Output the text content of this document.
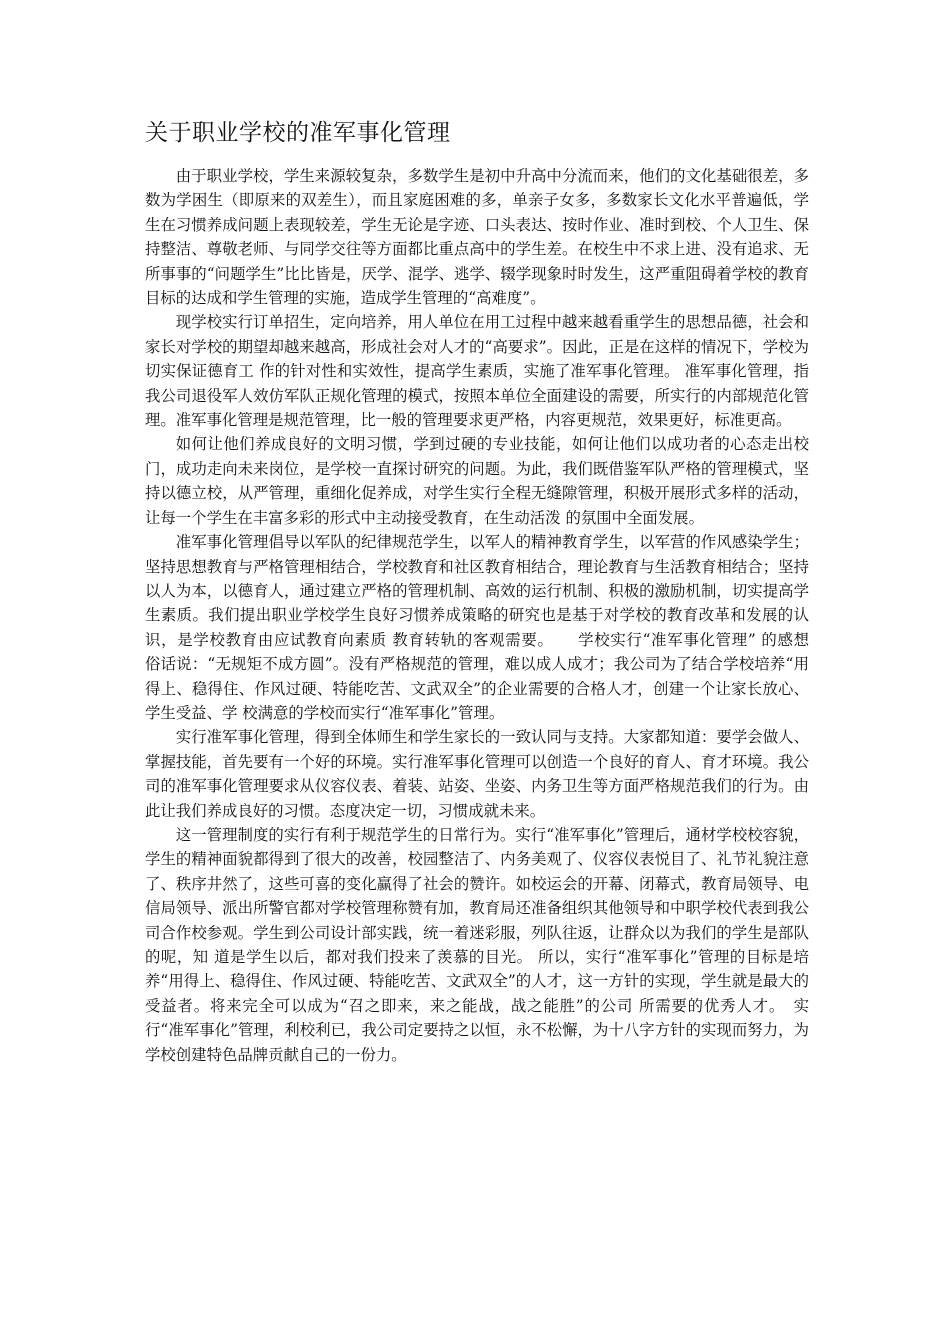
关于职业学校的准军事化管理

由于职业学校，学生来源较复杂，多数学生是初中升高中分流而来，他们的文化基础很差，多数为学困生（即原来的双差生），而且家庭困难的多，单亲子女多，多数家长文化水平普遍低，学生在习惯养成问题上表现较差，学生无论是字迹、口头表达、按时作业、准时到校、个人卫生、保持整洁、尊敬老师、与同学交往等方面都比重点高中的学生差。在校生中不求上进、没有追求、无所事事的“问题学生”比比皆是，厌学、混学、逃学、辍学现象时时发生，这严重阻碍着学校的教育目标的达成和学生管理的实施，造成学生管理的“高难度”。

现学校实行订单招生，定向培养，用人单位在用工过程中越来越看重学生的思想品德，社会和家长对学校的期望却越来越高，形成社会对人才的“高要求”。因此，正是在这样的情况下，学校为切实保证德育工 作的针对性和实效性，提高学生素质，实施了准军事化管理。 准军事化管理，指我公司退役军人效仿军队正规化管理的模式，按照本单位全面建设的需要，所实行的内部规范化管理。准军事化管理是规范管理，比一般的管理要求更严格，内容更规范，效果更好，标准更高。

如何让他们养成良好的文明习惯，学到过硬的专业技能，如何让他们以成功者的心态走出校门，成功走向未来岗位，是学校一直探讨研究的问题。为此，我们既借鉴军队严格的管理模式，坚持以德立校，从严管理，重细化促养成，对学生实行全程无缝隙管理，积极开展形式多样的活动，让每一个学生在丰富多彩的形式中主动接受教育，在生动活泼 的氛围中全面发展。

准军事化管理倡导以军队的纪律规范学生，以军人的精神教育学生，以军营的作风感染学生；坚持思想教育与严格管理相结合，学校教育和社区教育相结合，理论教育与生活教育相结合；坚持以人为本，以德育人，通过建立严格的管理机制、高效的运行机制、积极的激励机制，切实提高学生素质。我们提出职业学校学生良好习惯养成策略的研究也是基于对学校的教育改革和发展的认识，是学校教育由应试教育向素质 教育转轨的客观需要。　　学校实行“准军事化管理” 的感想　 俗话说：“无规矩不成方圆”。没有严格规范的管理，难以成人成才；我公司为了结合学校培养“用得上、稳得住、作风过硬、特能吃苦、文武双全”的企业需要的合格人才，创建一个让家长放心、学生受益、学 校满意的学校而实行“准军事化”管理。

实行准军事化管理，得到全体师生和学生家长的一致认同与支持。大家都知道：要学会做人、掌握技能，首先要有一个好的环境。实行准军事化管理可以创造一个良好的育人、育才环境。我公司的准军事化管理要求从仪容仪表、着装、站姿、坐姿、内务卫生等方面严格规范我们的行为。由此让我们养成良好的习惯。态度决定一切，习惯成就未来。

这一管理制度的实行有利于规范学生的日常行为。实行“准军事化”管理后，通材学校校容貌，学生的精神面貌都得到了很大的改善，校园整洁了、内务美观了、仪容仪表悦目了、礼节礼貌注意了、秩序井然了，这些可喜的变化赢得了社会的赞许。如校运会的开幕、闭幕式，教育局领导、电信局领导、派出所警官都对学校管理称赞有加，教育局还准备组织其他领导和中职学校代表到我公司合作校参观。学生到公司设计部实践，统一着迷彩服，列队往返，让群众以为我们的学生是部队的呢，知 道是学生以后，都对我们投来了羡慕的目光。 所以，实行“准军事化”管理的目标是培养“用得上、稳得住、作风过硬、特能吃苦、文武双全”的人才，这一方针的实现，学生就是最大的受益者。将来完全可以成为“召之即来，来之能战，战之能胜”的公司 所需要的优秀人才。　实行“准军事化”管理，利校利已，我公司定要持之以恒，永不松懈，为十八字方针的实现而努力，为学校创建特色品牌贡献自己的一份力。
